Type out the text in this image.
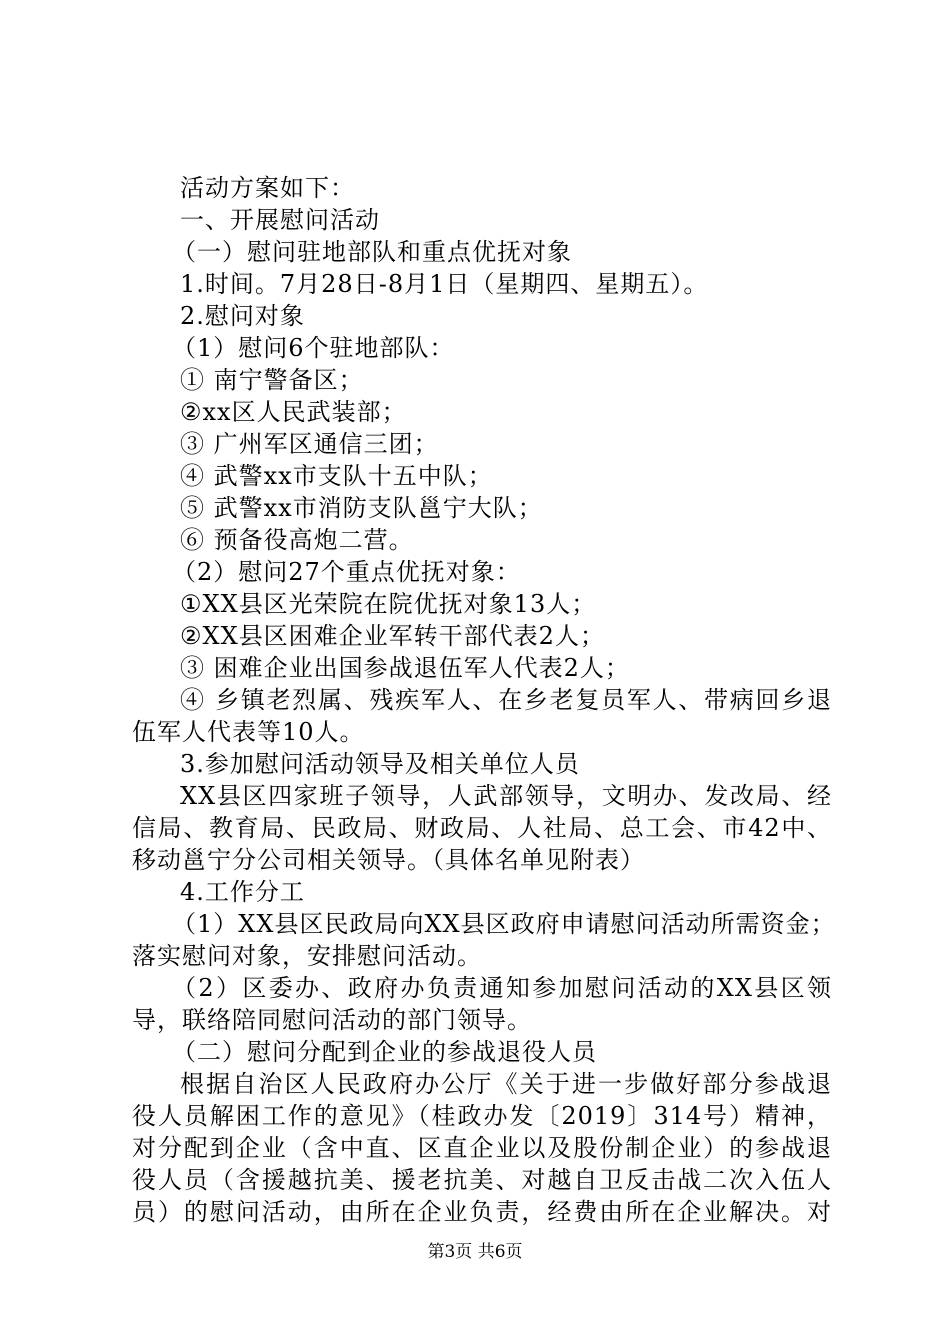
活动方案如下：
一、开展慰问活动
（一）慰问驻地部队和重点优抚对象
1.时间。7月28日-8月1日（星期四、星期五）。
2.慰问对象
（1）慰问6个驻地部队：
① 南宁警备区；
②xx区人民武装部；
③ 广州军区通信三团；
④ 武警xx市支队十五中队；
⑤ 武警xx市消防支队邕宁大队；
⑥ 预备役高炮二营。
（2）慰问27个重点优抚对象：
①XX县区光荣院在院优抚对象13人；
②XX县区困难企业军转干部代表2人；
③ 困难企业出国参战退伍军人代表2人；
④ 乡镇老烈属、残疾军人、在乡老复员军人、带病回乡退
伍军人代表等10人。
3.参加慰问活动领导及相关单位人员
XX县区四家班子领导，人武部领导，文明办、发改局、经
信局、教育局、民政局、财政局、人社局、总工会、市42中、
移动邕宁分公司相关领导。（具体名单见附表）
4.工作分工
（1）XX县区民政局向XX县区政府申请慰问活动所需资金；
落实慰问对象，安排慰问活动。
（2）区委办、政府办负责通知参加慰问活动的XX县区领
导，联络陪同慰问活动的部门领导。
（二）慰问分配到企业的参战退役人员
根据自治区人民政府办公厅《关于进一步做好部分参战退
役人员解困工作的意见》（桂政办发〔2019〕314号）精神，
对分配到企业（含中直、区直企业以及股份制企业）的参战退
役人员（含援越抗美、援老抗美、对越自卫反击战二次入伍人
员）的慰问活动，由所在企业负责，经费由所在企业解决。对
第3页 共6页
